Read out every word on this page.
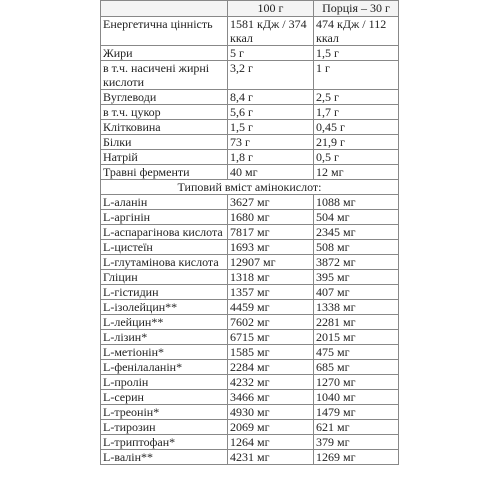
	100 г	Порція – 30 г
Енергетична цінність	1581 кДж / 374 ккал	474 кДж / 112 ккал
Жири	5 г	1,5 г
в т.ч. насичені жирні кислоти	3,2 г	1 г
Вуглеводи	8,4 г	2,5 г
в т.ч. цукор	5,6 г	1,7 г
Клітковина	1,5 г	0,45 г
Білки	73 г	21,9 г
Натрій	1,8 г	0,5 г
Травні ферменти	40 мг	12 мг
Типовий вміст амінокислот:		
L-аланін	3627 мг	1088 мг
L-аргінін	1680 мг	504 мг
L-аспарагінова кислота	7817 мг	2345 мг
L-цистеїн	1693 мг	508 мг
L-глутамінова кислота	12907 мг	3872 мг
Гліцин	1318 мг	395 мг
L-гістидин	1357 мг	407 мг
L-ізолейцин**	4459 мг	1338 мг
L-лейцин**	7602 мг	2281 мг
L-лізин*	6715 мг	2015 мг
L-метіонін*	1585 мг	475 мг
L-фенілаланін*	2284 мг	685 мг
L-пролін	4232 мг	1270 мг
L-серин	3466 мг	1040 мг
L-треонін*	4930 мг	1479 мг
L-тирозин	2069 мг	621 мг
L-триптофан*	1264 мг	379 мг
L-валін**	4231 мг	1269 мг
